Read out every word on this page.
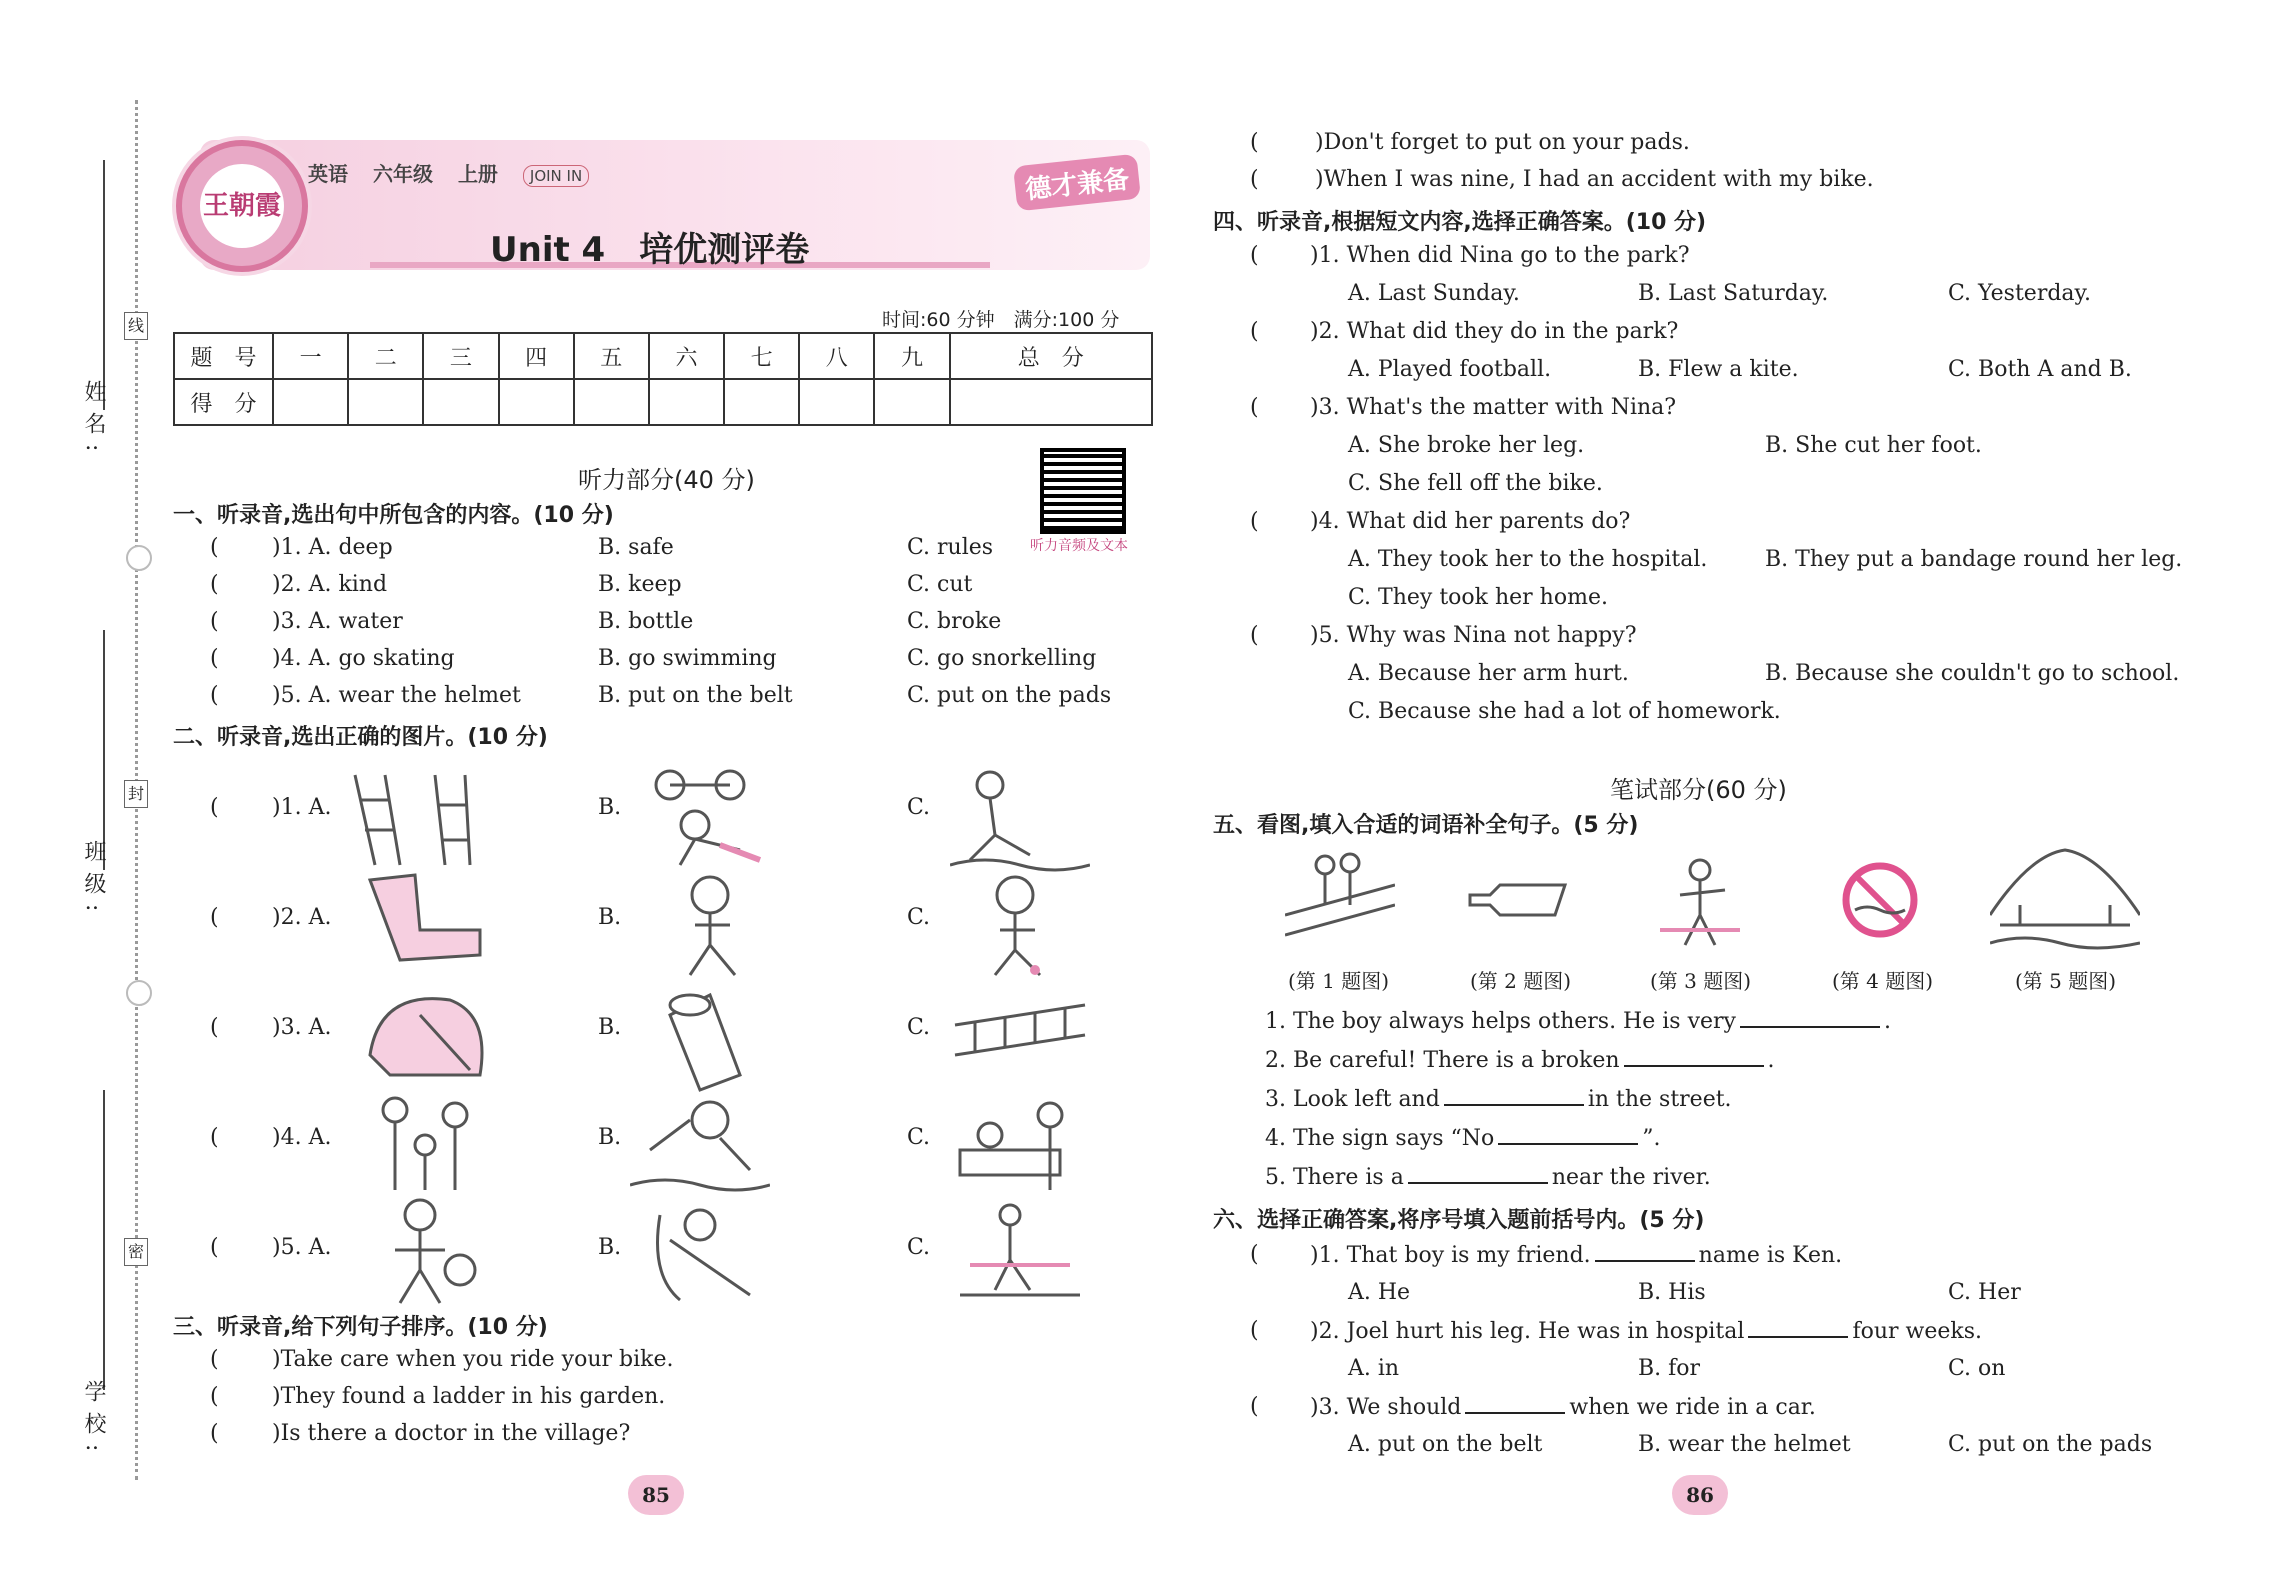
姓名:
线
班级:
封
学校:
密
王朝霞
英语 六年级 上册 JOIN IN	德才兼备
Unit 4　培优测评卷
时间:60 分钟　满分:100 分
题　号	一	二	三	四	五	六	七	八	九	总　分
得　分										
听力部分(40 分)
听力音频及文本
一、听录音,选出句中所包含的内容。(10 分)
( )1. A. deep	B. safe	C. rules
( )2. A. kind	B. keep	C. cut
( )3. A. water	B. bottle	C. broke
( )4. A. go skating	B. go swimming	C. go snorkelling
( )5. A. wear the helmet	B. put on the belt	C. put on the pads
二、听录音,选出正确的图片。(10 分)
( )1. A.	B.	C.
( )2. A.	B.	C.
( )3. A.	B.	C.
( )4. A.	B.	C.
( )5. A.	B.	C.
三、听录音,给下列句子排序。(10 分)
( )Take care when you ride your bike.
( )They found a ladder in his garden.
( )Is there a doctor in the village?
85
(	)Don't forget to put on your pads.
(	)When I was nine, I had an accident with my bike.
四、听录音,根据短文内容,选择正确答案。(10 分)
( )1. When did Nina go to the park?
A. Last Sunday.	B. Last Saturday.	C. Yesterday.
( )2. What did they do in the park?
A. Played football.	B. Flew a kite.	C. Both A and B.
( )3. What's the matter with Nina?
A. She broke her leg.	B. She cut her foot.
C. She fell off the bike.
( )4. What did her parents do?
A. They took her to the hospital.	B. They put a bandage round her leg.
C. They took her home.
( )5. Why was Nina not happy?
A. Because her arm hurt.	B. Because she couldn't go to school.
C. Because she had a lot of homework.
笔试部分(60 分)
五、看图,填入合适的词语补全句子。(5 分)
(第 1 题图)	(第 2 题图)	(第 3 题图)	(第 4 题图)	(第 5 题图)
1. The boy always helps others. He is very	.
2. Be careful! There is a broken	.
3. Look left and	in the street.
4. The sign says “No	”.
5. There is a	near the river.
六、选择正确答案,将序号填入题前括号内。(5 分)
( )1. That boy is my friend.	name is Ken.
A. He	B. His	C. Her
( )2. Joel hurt his leg. He was in hospital	four weeks.
A. in	B. for	C. on
( )3. We should	when we ride in a car.
A. put on the belt	B. wear the helmet	C. put on the pads
86
